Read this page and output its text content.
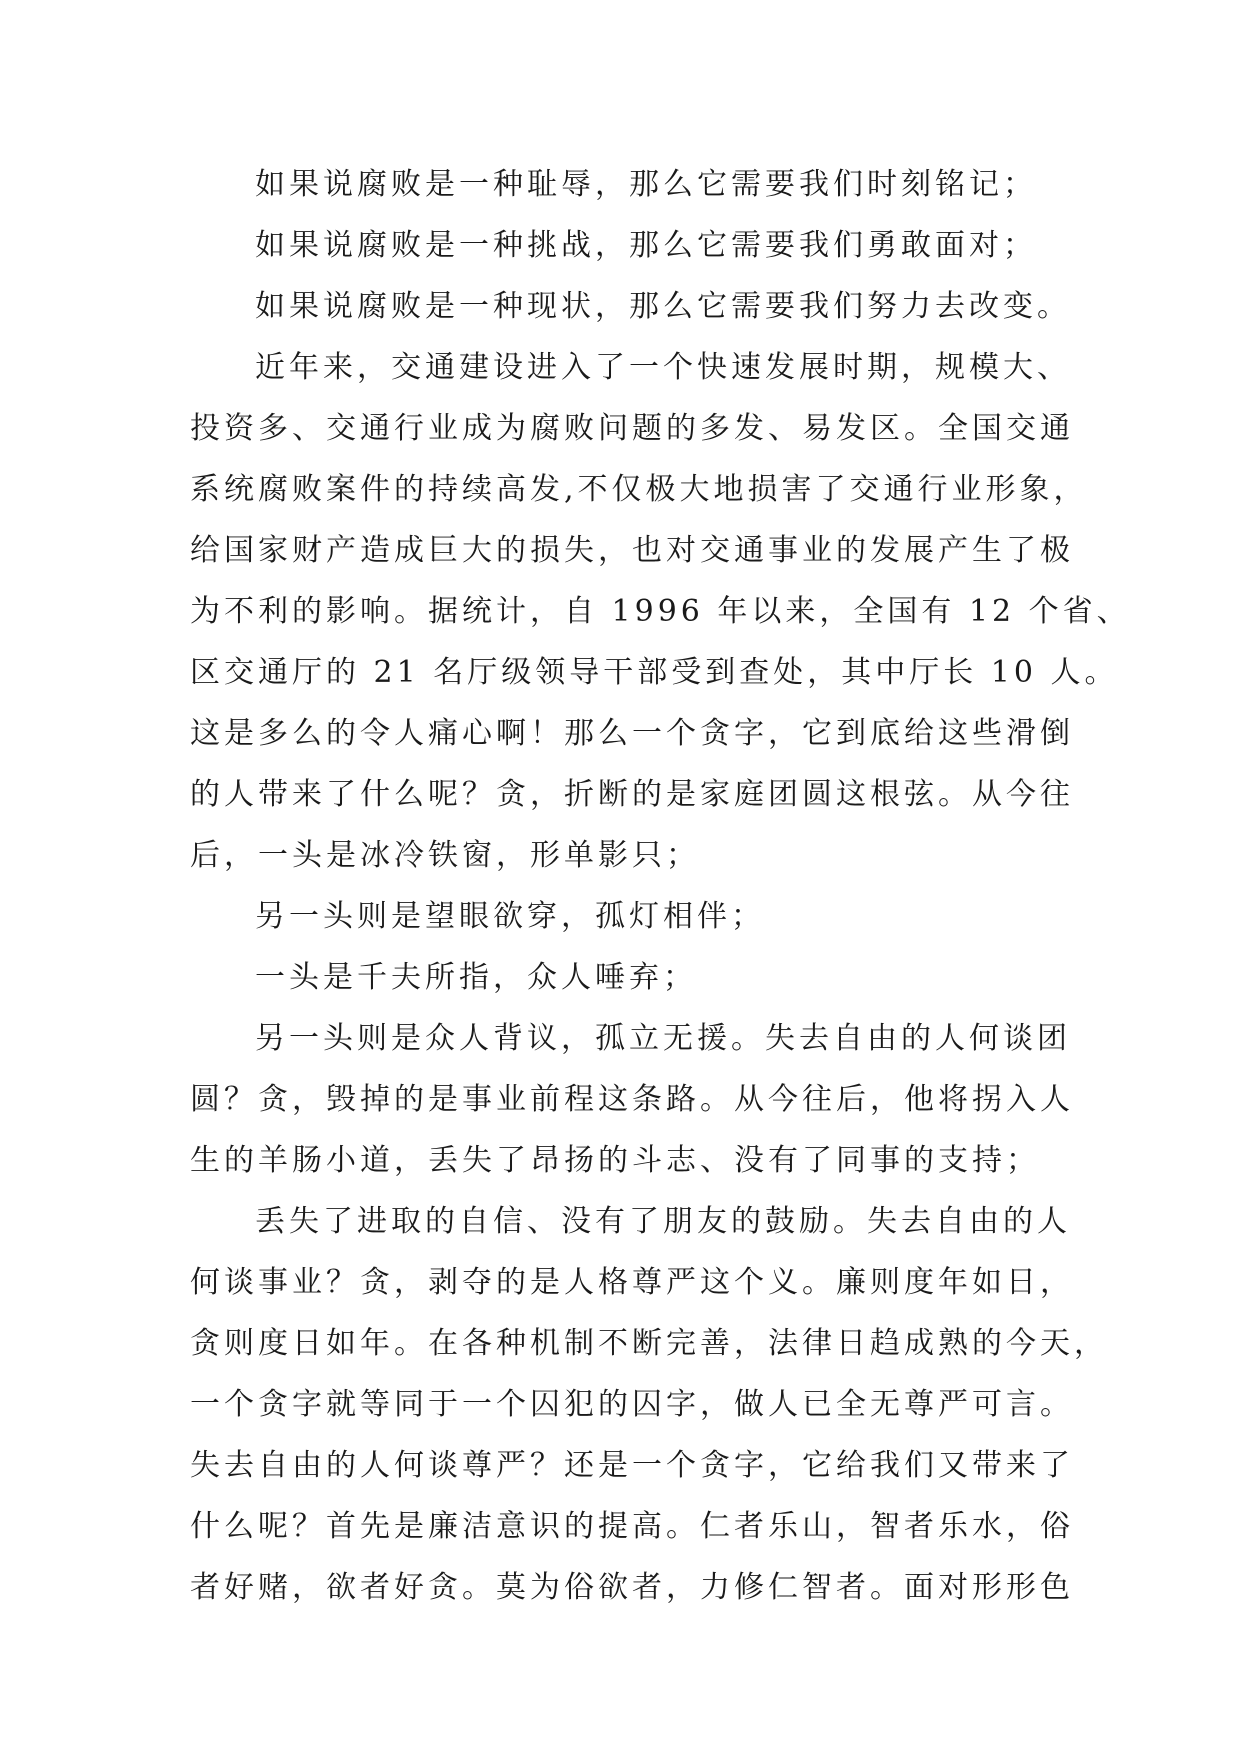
如果说腐败是一种耻辱，那么它需要我们时刻铭记；
如果说腐败是一种挑战，那么它需要我们勇敢面对；
如果说腐败是一种现状，那么它需要我们努力去改变。
近年来，交通建设进入了一个快速发展时期，规模大、
投资多、交通行业成为腐败问题的多发、易发区。全国交通
系统腐败案件的持续高发,不仅极大地损害了交通行业形象，
给国家财产造成巨大的损失，也对交通事业的发展产生了极
为不利的影响。据统计，自 1996 年以来，全国有 12 个省、
区交通厅的 21 名厅级领导干部受到查处，其中厅长 10 人。
这是多么的令人痛心啊！那么一个贪字，它到底给这些滑倒
的人带来了什么呢？贪，折断的是家庭团圆这根弦。从今往
后，一头是冰冷铁窗，形单影只；
另一头则是望眼欲穿，孤灯相伴；
一头是千夫所指，众人唾弃；
另一头则是众人背议，孤立无援。失去自由的人何谈团
圆？贪，毁掉的是事业前程这条路。从今往后，他将拐入人
生的羊肠小道，丢失了昂扬的斗志、没有了同事的支持；
丢失了进取的自信、没有了朋友的鼓励。失去自由的人
何谈事业？贪，剥夺的是人格尊严这个义。廉则度年如日，
贪则度日如年。在各种机制不断完善，法律日趋成熟的今天，
一个贪字就等同于一个囚犯的囚字，做人已全无尊严可言。
失去自由的人何谈尊严？还是一个贪字，它给我们又带来了
什么呢？首先是廉洁意识的提高。仁者乐山，智者乐水，俗
者好赌，欲者好贪。莫为俗欲者，力修仁智者。面对形形色
